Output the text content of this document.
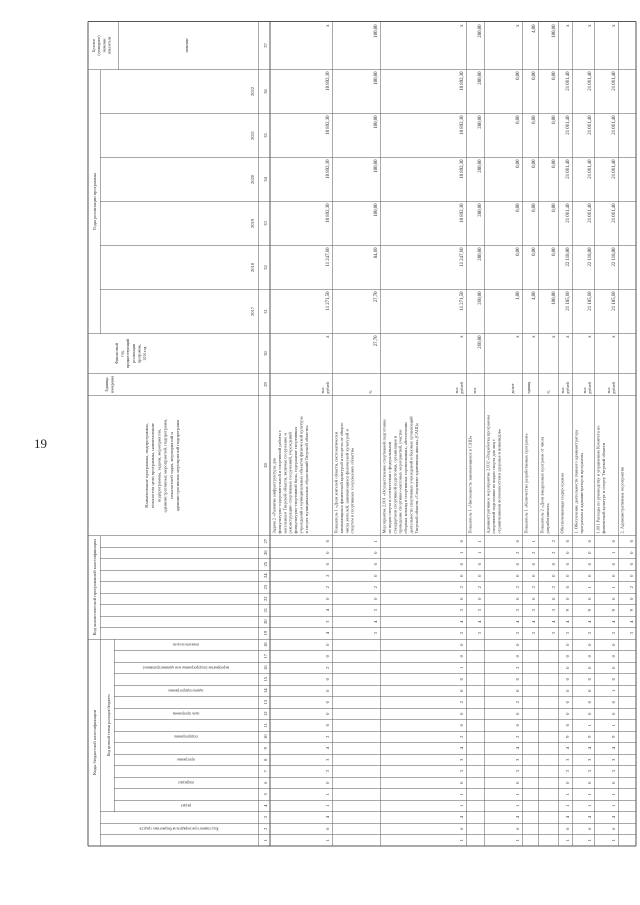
19
Коды бюджетной классификации
Код аналитической программной классификации
Годы реализации программы
Код целевой статьи расходов бюджета
Код главного распорядителя бюджетных средств
раздел
подраздел
программа
подпрограмма
цель программы
задача подпрограммы
мероприятие (подпрограммы или административное)
показатель цели
Наименование программы, подпрограммы,показателя цели программы, наименованиеподпрограммы, задачи, мероприятия,административных мероприятий, подпрограмм,показателей задач, мероприятий иадминистративных мероприятий подпрограмм
Единица измерения
Финансовый год, предшествующий реализации программы, 2016 год
2017
2018
2019
2020
2021
2022
Целевое(суммарное)значениепоказателя	значение
1
2
3
4
5
6
7
8
9
10
11
12
13
14
15
16
17
18
19
20
21
22
23
24
25
26
27
28
29
30
31
32
33
34
35
36
37
1
6
4
1
1
0
3
3
4
2
0
0
0
0
0
2
0
0
4
3
4
0
2
2
0
0
0
Задача 2 «Развитие инфраструктуры дляфизкультурно-оздоровительной и спортивной работы снаселением Тверской области, включая сооружение иреконструкцию спортивных сооружений, учрежденийфизкультурно-спортивной базы, содержание спортивныхучреждений и муниципальных объектов физической культурыи спорта муниципальных образований Тверской области»
тыс.рублей
x
11 271,50
11 247,60
10 892,30
10 892,30
10 892,30
10 892,30
x
3
4
3
0
2
0
0
0
1
Показатель 1 «Доля жителей области, систематическизанимающихся физической культурой и спортом от общегочисла жителей, занимающихся физической культурой испортом в спортивных сооружениях области»
%
27,70
27,70
84,60
100,00
100,00
100,00
100,00
100,00
1
6
4
1
1
0
3
3
4
2
0
0
2
0
0
1
0
0
3
4
3
0
2
0
0
1
0
Мероприятие 2.001 «Осуществление спортивной подготовкипо видам спорта в соответствии с федеральнымистандартами спортивной подготовки, организация ипроведение спортивно-массовых мероприятий, участиесборных команд в спортивных соревнованиях, обеспечениедеятельности спортивных учреждений и базовых организацийТверской области «Спортивно-адаптивная школа» (САШ)»
тыс.рублей
x
11 271,50
11 247,60
10 892,30
10 892,30
10 892,30
10 892,30
x
3
4
3
0
2
0
0
1
1
Показатель 1 «Численность занимающихся в САШ»
чел.
260,00
260,00
280,00
280,00
280,00
280,00
280,00
280,00
1
6
4
1
1
0
3
3
4
2
0
0
2
0
0
2
0
0
3
4
3
0
2
0
0
2
0
Административное мероприятие 2.002 «Разработка программыспортивной подготовки по видам спорта для лиц сограниченными возможностями здоровья и инвалидов»
да/нет
x
1,00
0,00
0,00
0,00
0,00
0,00
x
3
4
3
0
2
0
0
2
1
Показатель 1 «Количество разработанных программ»
единиц
x
4,00
0,00
0,00
0,00
0,00
0,00
4,00
3
4
3
0
2
0
0
2
2
Показатель 2 «Доля внедренных программ от числаразработанных»
%
x
100,00
0,00
0,00
0,00
0,00
0,00
100,00
1
6
4
1
1
0
3
3
4
9
0
0
0
0
0
0
0
0
3
4
9
0
0
0
0
0
0
Обеспечивающая подпрограмма
тыс.рублей
x
21 185,60
22 118,00
21 061,40
21 061,40
21 061,40
21 061,40
x
1
6
4
1
1
0
3
3
4
9
1
0
0
0
0
0
0
0
3
4
9
0
1
0
0
0
0
1. Обеспечение деятельности главного администраторапрограммы и администраторов программы
тыс.рублей
x
21 185,60
22 118,00
21 061,40
21 061,40
21 061,40
21 061,40
x
1
6
4
1
1
0
3
3
4
9
1
0
0
1
0
0
0
0
3
4
9
0
1
0
0
1
0
1.001 Расходы по руководству и управлению Комитета пофизической культуре и спорту Тверской области
тыс.рублей
x
21 185,60
22 118,00
21 061,40
21 061,40
21 061,40
21 061,40
x
3
4
9
0
2
0
0
0
0
2. Административные мероприятия
